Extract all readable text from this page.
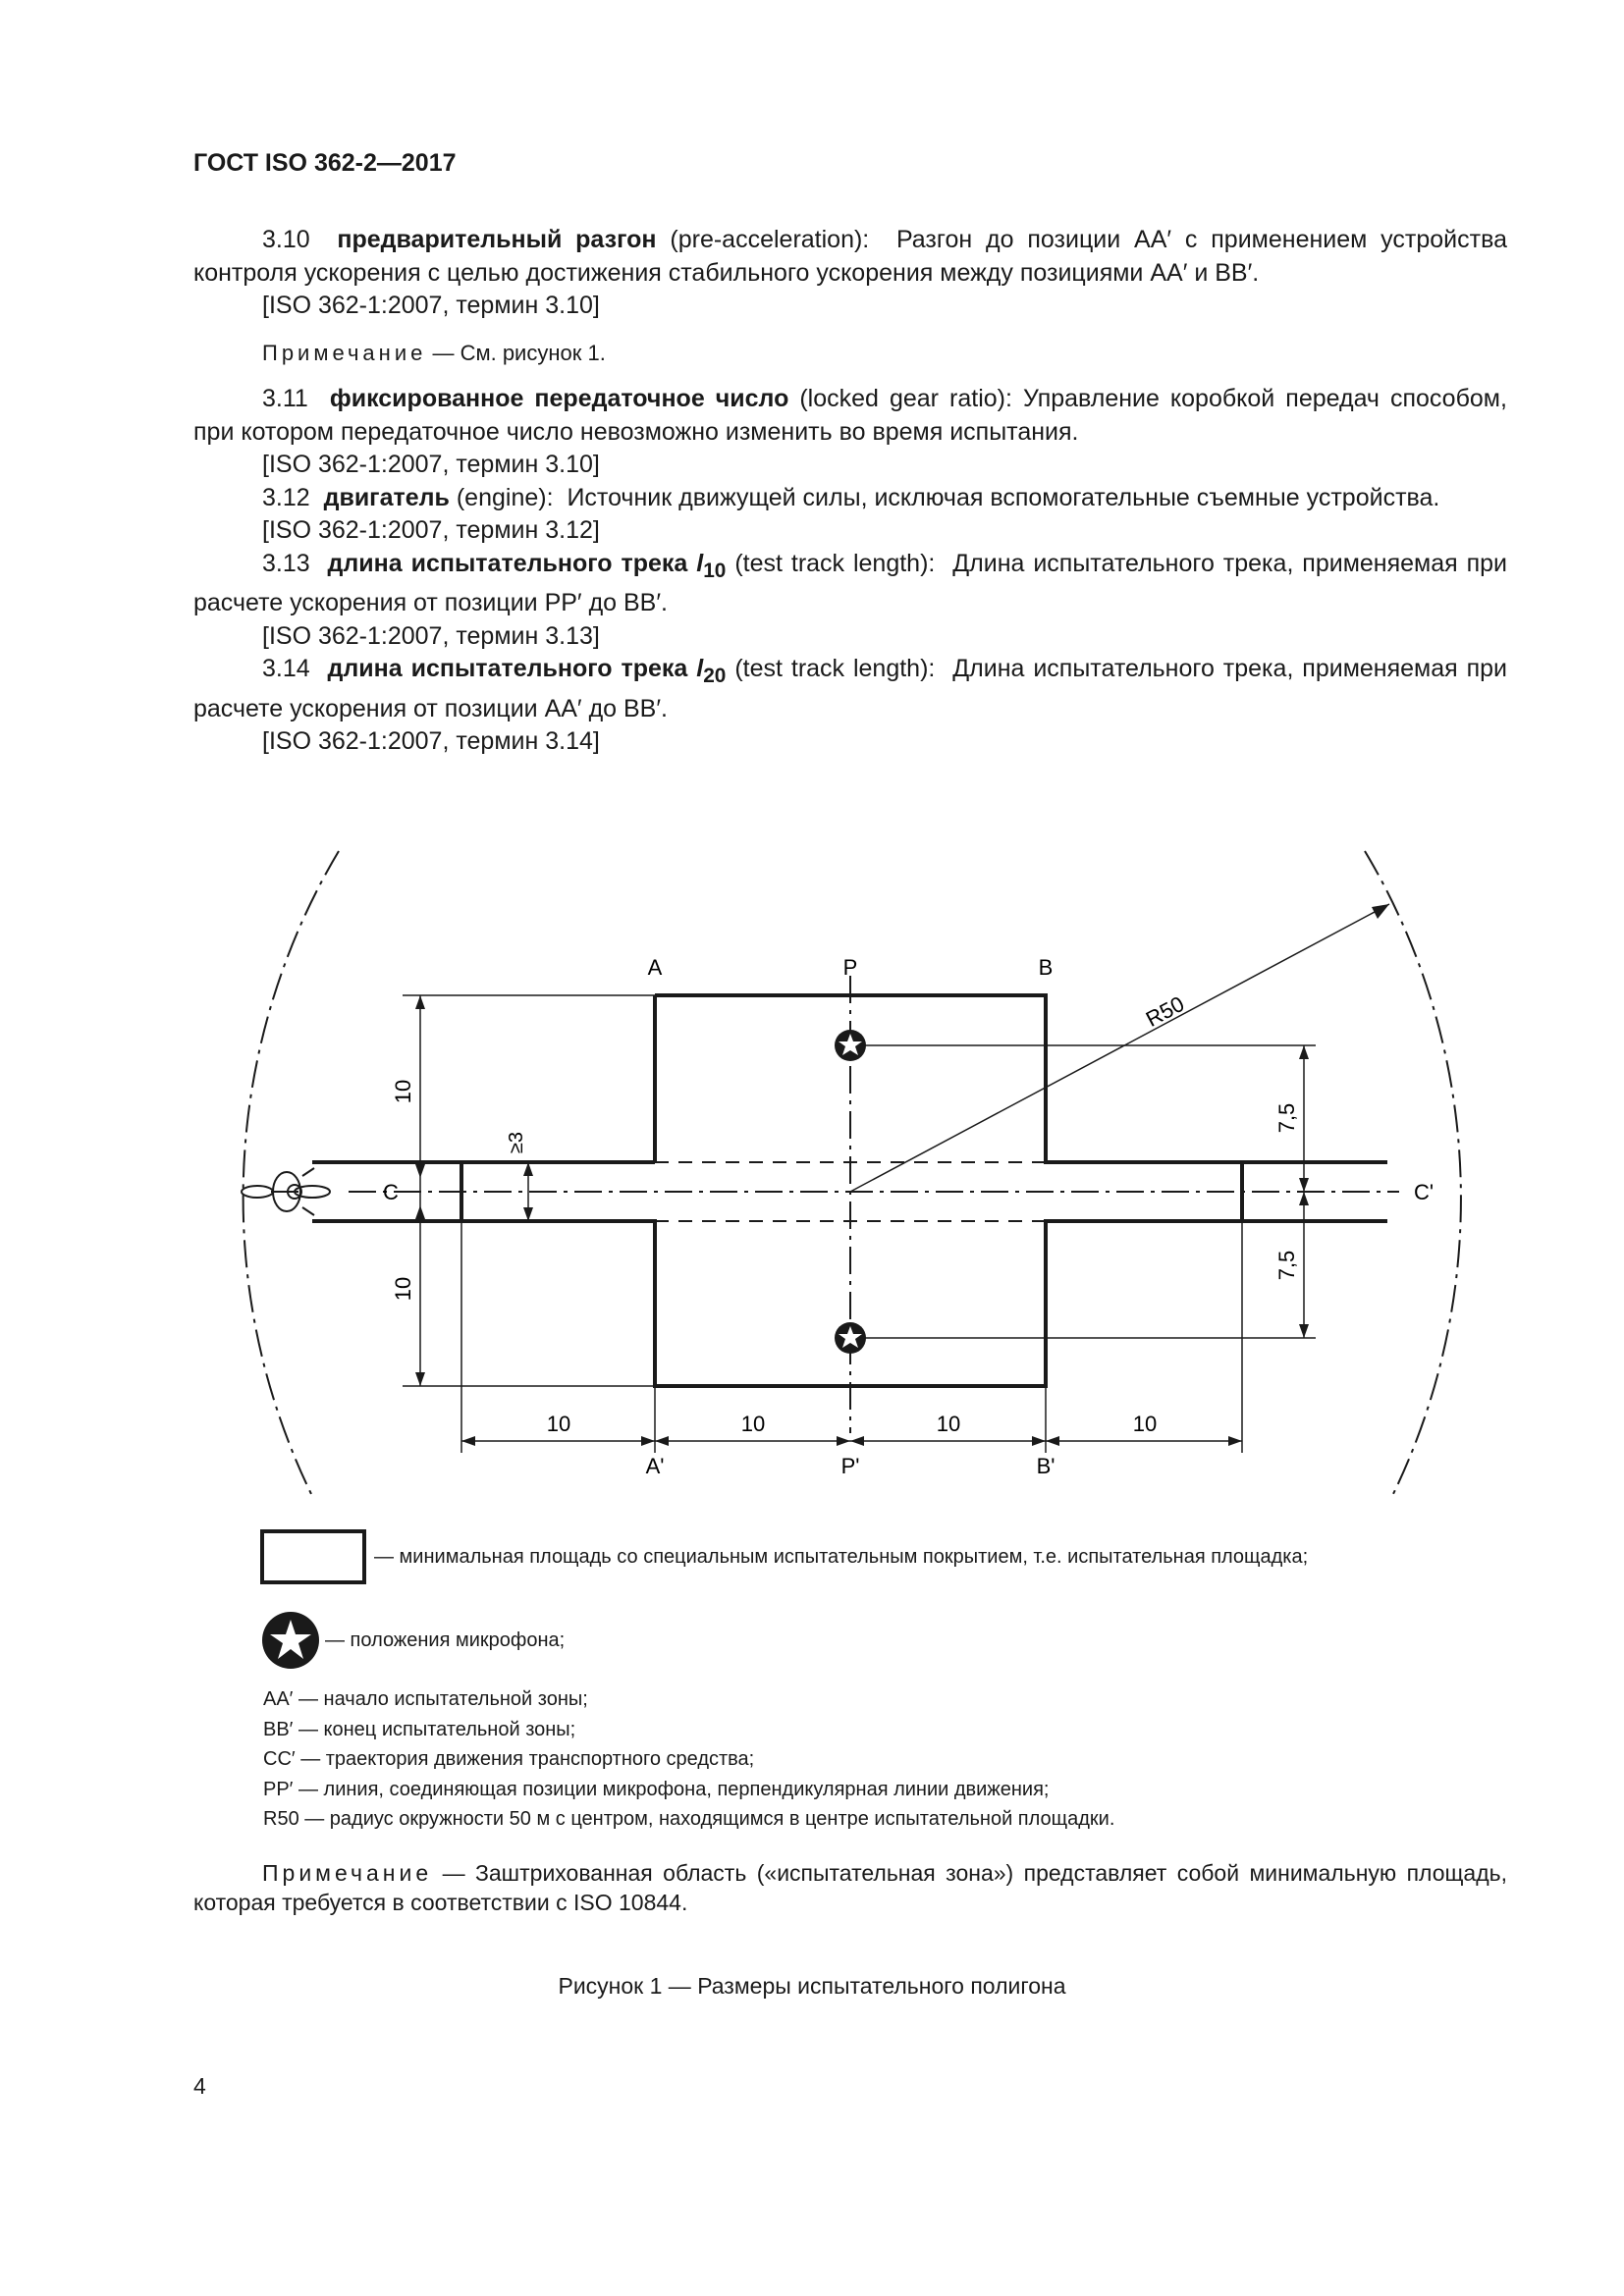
ГОСТ ISO 362-2—2017

3.10 предварительный разгон (pre-acceleration): Разгон до позиции АА′ с применением устройства контроля ускорения с целью достижения стабильного ускорения между позициями АА′ и ВВ′.

[ISO 362-1:2007, термин 3.10]

Примечание — См. рисунок 1.

3.11 фиксированное передаточное число (locked gear ratio): Управление коробкой передач способом, при котором передаточное число невозможно изменить во время испытания.

[ISO 362-1:2007, термин 3.10]

3.12 двигатель (engine): Источник движущей силы, исключая вспомогательные съемные устройства.

[ISO 362-1:2007, термин 3.12]

3.13 длина испытательного трека $l_{10}$ (test track length): Длина испытательного трека, применяемая при расчете ускорения от позиции РР′ до ВВ′.

[ISO 362-1:2007, термин 3.13]

3.14 длина испытательного трека $l_{20}$ (test track length): Длина испытательного трека, применяемая при расчете ускорения от позиции АА′ до ВВ′.

[ISO 362-1:2007, термин 3.14]

A	P	B
A'	P'	B'
C	C'
R50
10
10
≥3
7,5
7,5
10	10	10	10
— минимальная площадь со специальным испытательным покрытием, т.е. испытательная площадка;
— положения микрофона;
АА′ — начало испытательной зоны;
ВВ′ — конец испытательной зоны;
СС′ — траектория движения транспортного средства;
РР′ — линия, соединяющая позиции микрофона, перпендикулярная линии движения;
R50 — радиус окружности 50 м с центром, находящимся в центре испытательной площадки.
Примечание — Заштрихованная область («испытательная зона») представляет собой минимальную площадь, которая требуется в соответствии с ISO 10844.
Рисунок 1 — Размеры испытательного полигона
4
